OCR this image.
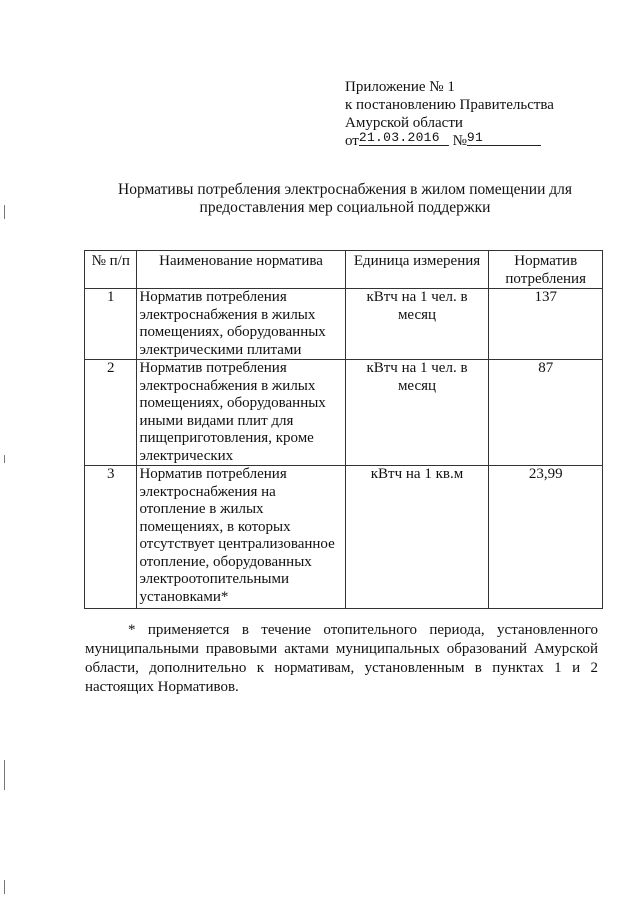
Приложение № 1
к постановлению Правительства
Амурской области
от21.03.2016 №91
Нормативы потребления электроснабжения в жилом помещении для предоставления мер социальной поддержки
№ п/п	Наименование норматива	Единица измерения	Норматив потребления
1	Норматив потребления электроснабжения в жилых помещениях, оборудованных электрическими плитами	кВтч на 1 чел. в месяц	137
2	Норматив потребления электроснабжения в жилых помещениях, оборудованных иными видами плит для пищеприготовления, кроме электрических	кВтч на 1 чел. в месяц	87
3	Норматив потребления электроснабжения на отопление в жилых помещениях, в которых отсутствует централизованное отопление, оборудованных электроотопительными установками*	кВтч на 1 кв.м	23,99
* применяется в течение отопительного периода, установленного муниципальными правовыми актами муниципальных образований Амурской области, дополнительно к нормативам, установленным в пунктах 1 и 2 настоящих Нормативов.
